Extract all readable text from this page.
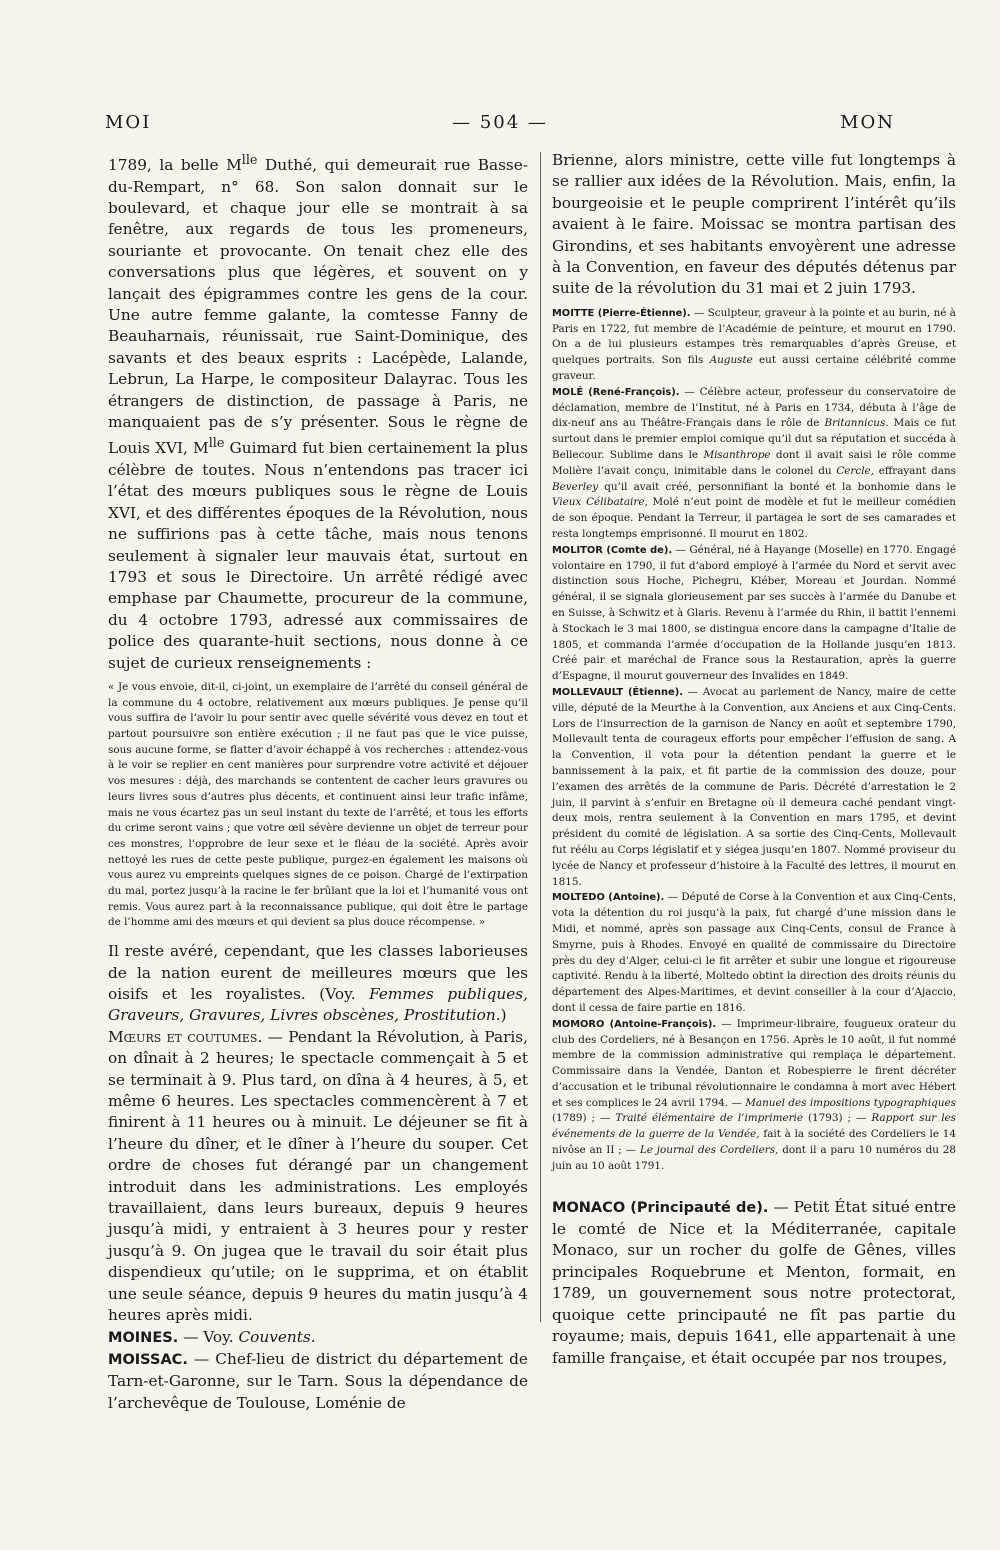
MOI	— 504 —	MON

1789, la belle $M^{lle}$ Duthé, qui demeurait rue Basse-du-Rempart, n° 68. Son salon donnait sur le boulevard, et chaque jour elle se montrait à sa fenêtre, aux regards de tous les promeneurs, souriante et provocante. On tenait chez elle des conversations plus que légères, et souvent on y lançait des épigrammes contre les gens de la cour. Une autre femme galante, la comtesse Fanny de Beauharnais, réunissait, rue Saint-Dominique, des savants et des beaux esprits : Lacépède, Lalande, Lebrun, La Harpe, le compositeur Dalayrac. Tous les étrangers de distinction, de passage à Paris, ne manquaient pas de s’y présenter. Sous le règne de Louis XVI, $M^{lle}$ Guimard fut bien certainement la plus célèbre de toutes. Nous n’entendons pas tracer ici l’état des mœurs publiques sous le règne de Louis XVI, et des différentes époques de la Révolution, nous ne suffirions pas à cette tâche, mais nous tenons seulement à signaler leur mauvais état, surtout en 1793 et sous le Directoire. Un arrêté rédigé avec emphase par Chaumette, procureur de la commune, du 4 octobre 1793, adressé aux commissaires de police des quarante-huit sections, nous donne à ce sujet de curieux renseignements :

« Je vous envoie, dit-il, ci-joint, un exemplaire de l’arrêté du conseil général de la commune du 4 octobre, relativement aux mœurs publiques. Je pense qu’il vous suffira de l’avoir lu pour sentir avec quelle sévérité vous devez en tout et partout poursuivre son entière exécution ; il ne faut pas que le vice puisse, sous aucune forme, se flatter d’avoir échappé à vos recherches : attendez-vous à le voir se replier en cent manières pour surprendre votre activité et déjouer vos mesures : déjà, des marchands se contentent de cacher leurs gravures ou leurs livres sous d’autres plus décents, et continuent ainsi leur trafic infâme, mais ne vous écartez pas un seul instant du texte de l’arrêté, et tous les efforts du crime seront vains ; que votre œil sévère devienne un objet de terreur pour ces monstres, l’opprobre de leur sexe et le fléau de la société. Après avoir nettoyé les rues de cette peste publique, purgez-en également les maisons où vous aurez vu empreints quelques signes de ce poison. Chargé de l’extirpation du mal, portez jusqu’à la racine le fer brûlant que la loi et l’humanité vous ont remis. Vous aurez part à la reconnaissance publique, qui doit être le partage de l’homme ami des mœurs et qui devient sa plus douce récompense. »

Il reste avéré, cependant, que les classes laborieuses de la nation eurent de meilleures mœurs que les oisifs et les royalistes. (Voy. Femmes publiques, Graveurs, Gravures, Livres obscènes, Prostitution.)

Mœurs et coutumes. — Pendant la Révolution, à Paris, on dînait à 2 heures; le spectacle commençait à 5 et se terminait à 9. Plus tard, on dîna à 4 heures, à 5, et même 6 heures. Les spectacles commencèrent à 7 et finirent à 11 heures ou à minuit. Le déjeuner se fit à l’heure du dîner, et le dîner à l’heure du souper. Cet ordre de choses fut dérangé par un changement introduit dans les administrations. Les employés travaillaient, dans leurs bureaux, depuis 9 heures jusqu’à midi, y entraient à 3 heures pour y rester jusqu’à 9. On jugea que le travail du soir était plus dispendieux qu’utile; on le supprima, et on établit une seule séance, depuis 9 heures du matin jusqu’à 4 heures après midi.

MOINES. — Voy. Couvents.

MOISSAC. — Chef-lieu de district du département de Tarn-et-Garonne, sur le Tarn. Sous la dépendance de l’archevêque de Toulouse, Loménie de

Brienne, alors ministre, cette ville fut longtemps à se rallier aux idées de la Révolution. Mais, enfin, la bourgeoisie et le peuple comprirent l’intérêt qu’ils avaient à le faire. Moissac se montra partisan des Girondins, et ses habitants envoyèrent une adresse à la Convention, en faveur des députés détenus par suite de la révolution du 31 mai et 2 juin 1793.

MOITTE (Pierre-Étienne). — Sculpteur, graveur à la pointe et au burin, né à Paris en 1722, fut membre de l’Académie de peinture, et mourut en 1790. On a de lui plusieurs estampes très remarquables d’après Greuse, et quelques portraits. Son fils Auguste eut aussi certaine célébrité comme graveur.

MOLÉ (René-François). — Célèbre acteur, professeur du conservatoire de déclamation, membre de l’Institut, né à Paris en 1734, débuta à l’âge de dix-neuf ans au Théâtre-Français dans le rôle de Britannicus. Mais ce fut surtout dans le premier emploi comique qu’il dut sa réputation et succéda à Bellecour. Sublime dans le Misanthrope dont il avait saisi le rôle comme Molière l’avait conçu, inimitable dans le colonel du Cercle, effrayant dans Beverley qu’il avait créé, personnifiant la bonté et la bonhomie dans le Vieux Célibataire, Molé n’eut point de modèle et fut le meilleur comédien de son époque. Pendant la Terreur, il partagea le sort de ses camarades et resta longtemps emprisonné. Il mourut en 1802.

MOLITOR (Comte de). — Général, né à Hayange (Moselle) en 1770. Engagé volontaire en 1790, il fut d’abord employé à l’armée du Nord et servit avec distinction sous Hoche, Pichegru, Kléber, Moreau et Jourdan. Nommé général, il se signala glorieusement par ses succès à l’armée du Danube et en Suisse, à Schwitz et à Glaris. Revenu à l’armée du Rhin, il battit l’ennemi à Stockach le 3 mai 1800, se distingua encore dans la campagne d’Italie de 1805, et commanda l’armée d’occupation de la Hollande jusqu’en 1813. Créé pair et maréchal de France sous la Restauration, après la guerre d’Espagne, il mourut gouverneur des Invalides en 1849.

MOLLEVAULT (Étienne). — Avocat au parlement de Nancy, maire de cette ville, député de la Meurthe à la Convention, aux Anciens et aux Cinq-Cents. Lors de l’insurrection de la garnison de Nancy en août et septembre 1790, Mollevault tenta de courageux efforts pour empêcher l’effusion de sang. A la Convention, il vota pour la détention pendant la guerre et le bannissement à la paix, et fit partie de la commission des douze, pour l’examen des arrêtés de la commune de Paris. Décrété d’arrestation le 2 juin, il parvint à s’enfuir en Bretagne où il demeura caché pendant vingt-deux mois, rentra seulement à la Convention en mars 1795, et devint président du comité de législation. A sa sortie des Cinq-Cents, Mollevault fut réélu au Corps législatif et y siégea jusqu’en 1807. Nommé proviseur du lycée de Nancy et professeur d’histoire à la Faculté des lettres, il mourut en 1815.

MOLTEDO (Antoine). — Député de Corse à la Convention et aux Cinq-Cents, vota la détention du roi jusqu’à la paix, fut chargé d’une mission dans le Midi, et nommé, après son passage aux Cinq-Cents, consul de France à Smyrne, puis à Rhodes. Envoyé en qualité de commissaire du Directoire près du dey d’Alger, celui-ci le fit arrêter et subir une longue et rigoureuse captivité. Rendu à la liberté, Moltedo obtint la direction des droits réunis du département des Alpes-Maritimes, et devint conseiller à la cour d’Ajaccio, dont il cessa de faire partie en 1816.

MOMORO (Antoine-François). — Imprimeur-libraire, fougueux orateur du club des Cordeliers, né à Besançon en 1756. Après le 10 août, il fut nommé membre de la commission administrative qui remplaça le département. Commissaire dans la Vendée, Danton et Robespierre le firent décréter d’accusation et le tribunal révolutionnaire le condamna à mort avec Hébert et ses complices le 24 avril 1794. — Manuel des impositions typographiques (1789) ; — Traité élémentaire de l’imprimerie (1793) ; — Rapport sur les événements de la guerre de la Vendée, fait à la société des Cordeliers le 14 nivôse an II ; — Le journal des Cordeliers, dont il a paru 10 numéros du 28 juin au 10 août 1791.

MONACO (Principauté de). — Petit État situé entre le comté de Nice et la Méditerranée, capitale Monaco, sur un rocher du golfe de Gênes, villes principales Roquebrune et Menton, formait, en 1789, un gouvernement sous notre protectorat, quoique cette principauté ne fît pas partie du royaume; mais, depuis 1641, elle appartenait à une famille française, et était occupée par nos troupes,
